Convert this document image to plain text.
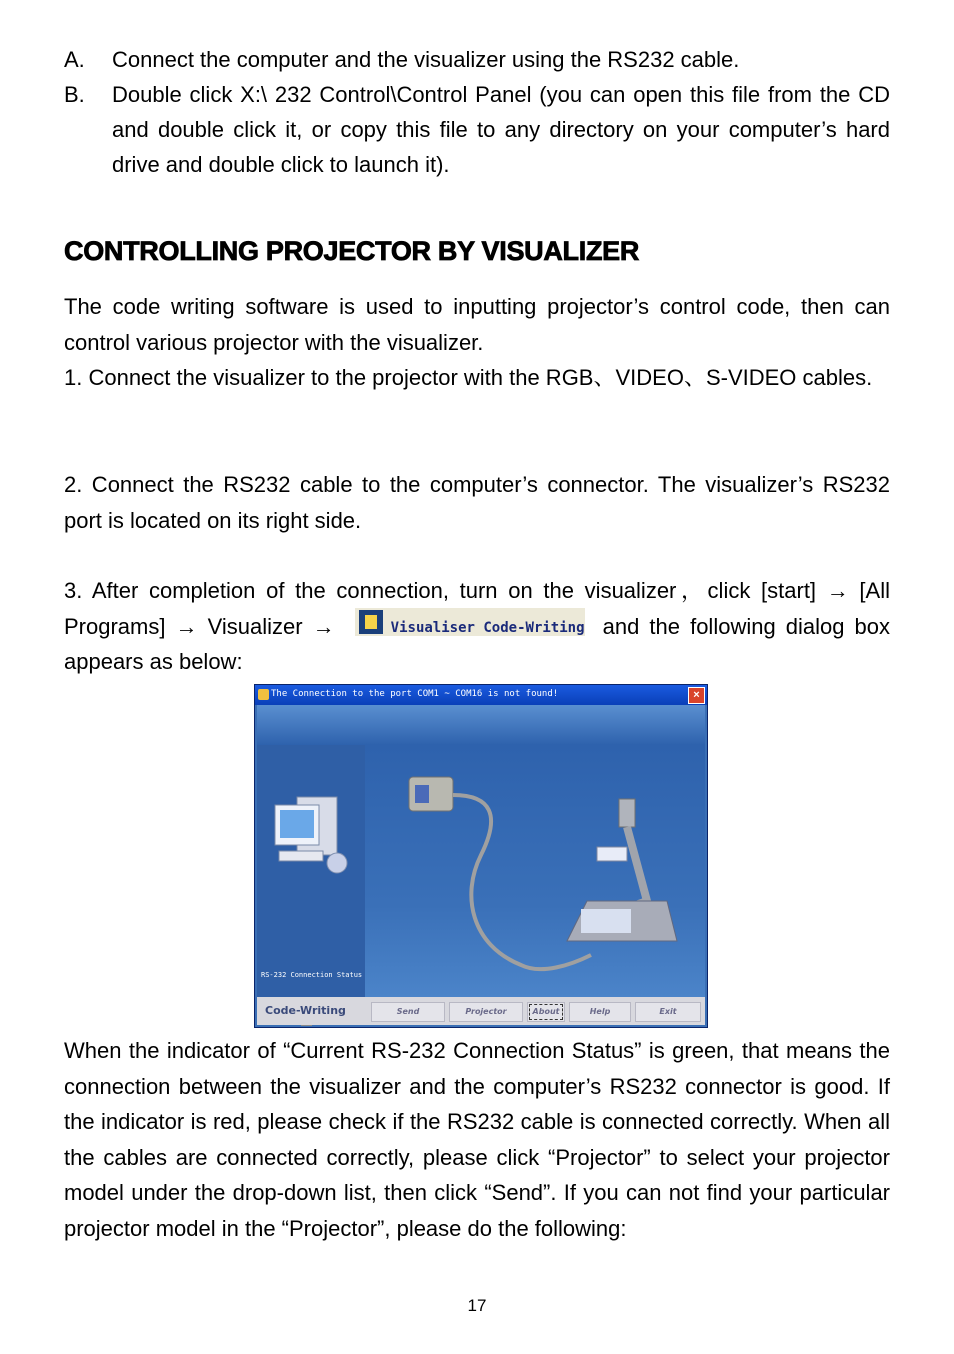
A. Connect the computer and the visualizer using the RS232 cable.
B. Double click X:\ 232 Control\Control Panel (you can open this file from the CD and double click it, or copy this file to any directory on your computer’s hard drive and double click to launch it).
CONTROLLING PROJECTOR BY VISUALIZER

The code writing software is used to inputting projector’s control code, then can control various projector with the visualizer.

1. Connect the visualizer to the projector with the RGB、VIDEO、S-VIDEO cables.

2. Connect the RS232 cable to the computer’s connector. The visualizer’s RS232 port is located on its right side.

3. After completion of the connection, turn on the visualizer，click [start] → [All Programs] → Visualizer →	Visualiser Code-Writing and the following dialog box appears as below:

The Connection to the port COM1 ~ COM16 is not found!	×
RS-232 Connection Status
Code-Writing	Send	Projector	About	Help	Exit

When the indicator of “Current RS-232 Connection Status” is green, that means the connection between the visualizer and the computer’s RS232 connector is good. If the indicator is red, please check if the RS232 cable is connected correctly. When all the cables are connected correctly, please click “Projector” to select your projector model under the drop-down list, then click “Send”. If you can not find your particular projector model in the “Projector”, please do the following:

17
